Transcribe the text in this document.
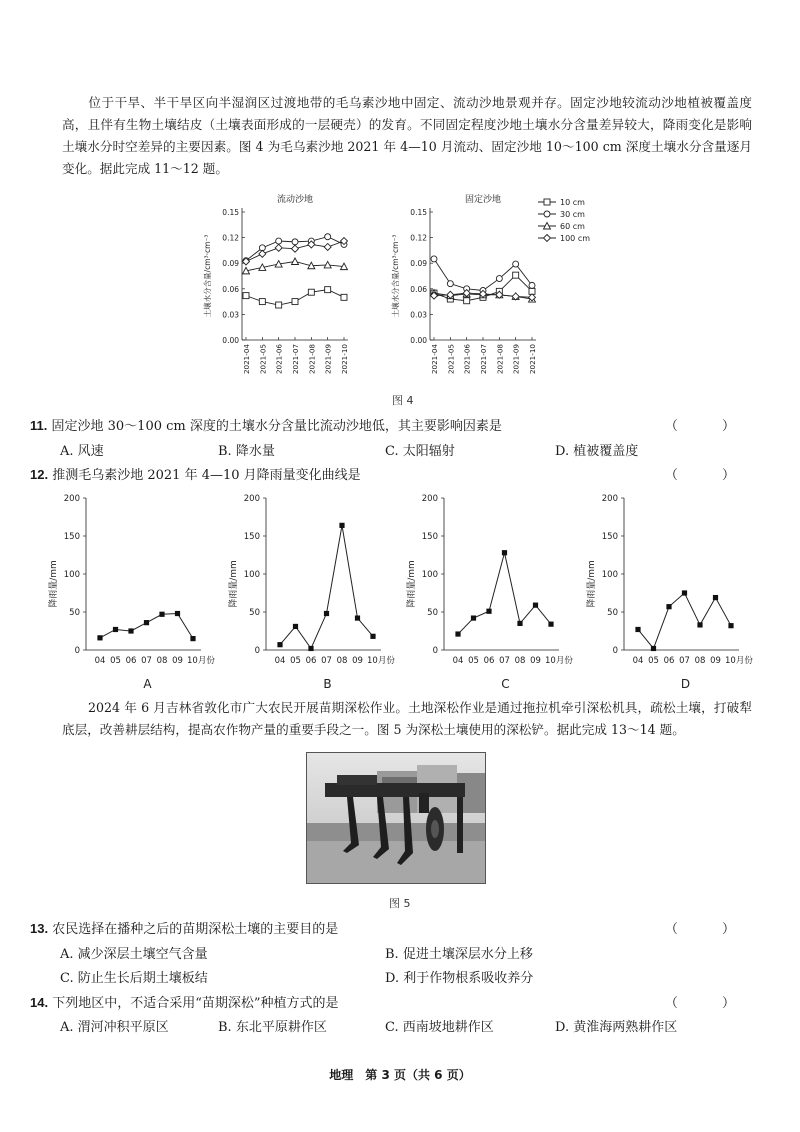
位于干旱、半干旱区向半湿润区过渡地带的毛乌素沙地中固定、流动沙地景观并存。固定沙地较流动沙地植被覆盖度高，且伴有生物土壤结皮（土壤表面形成的一层硬壳）的发育。不同固定程度沙地土壤水分含量差异较大，降雨变化是影响土壤水分时空差异的主要因素。图 4 为毛乌素沙地 2021 年 4—10 月流动、固定沙地 10～100 cm 深度土壤水分含量逐月变化。据此完成 11～12 题。
流动沙地
0.00
0.03
0.06
0.09
0.12
0.15
2021-04 2021-05 2021-06 2021-07 2021-08 2021-09 2021-10
土壤水分含量/cm³·cm⁻³
固定沙地
0.00
0.03
0.06
0.09
0.12
0.15
2021-04 2021-05 2021-06 2021-07 2021-08 2021-09 2021-10
土壤水分含量/cm³·cm⁻³
10 cm
30 cm
60 cm
100 cm
图 4
11. 固定沙地 30～100 cm 深度的土壤水分含量比流动沙地低，其主要影响因素是	（ ）
A. 风速	B. 降水量	C. 太阳辐射	D. 植被覆盖度
12. 推测毛乌素沙地 2021 年 4—10 月降雨量变化曲线是	（ ）
0
50
100
150
200
降雨量/mm
04 05 06 07 08 09 10月份
A
0
50
100
150
200
降雨量/mm
04 05 06 07 08 09 10月份
B
0
50
100
150
200
降雨量/mm
04 05 06 07 08 09 10月份
C
0
50
100
150
200
降雨量/mm
04 05 06 07 08 09 10月份
D
2024 年 6 月吉林省敦化市广大农民开展苗期深松作业。土地深松作业是通过拖拉机牵引深松机具，疏松土壤，打破犁底层，改善耕层结构，提高农作物产量的重要手段之一。图 5 为深松土壤使用的深松铲。据此完成 13～14 题。
图 5
13. 农民选择在播种之后的苗期深松土壤的主要目的是	（ ）
A. 减少深层土壤空气含量	B. 促进土壤深层水分上移
C. 防止生长后期土壤板结	D. 利于作物根系吸收养分
14. 下列地区中，不适合采用“苗期深松”种植方式的是	（ ）
A. 渭河冲积平原区	B. 东北平原耕作区	C. 西南坡地耕作区	D. 黄淮海两熟耕作区
地理　第 3 页（共 6 页）
